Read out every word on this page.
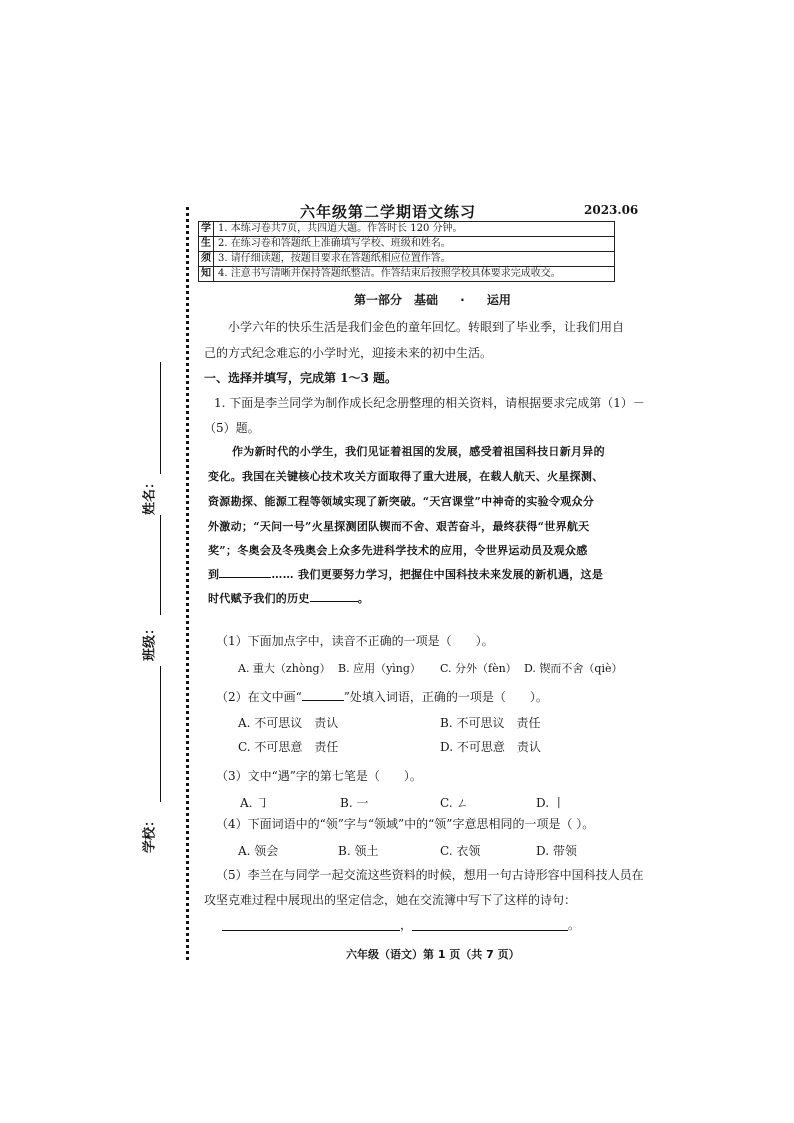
姓名：
班级：
学校：
六年级第二学期语文练习	2023.06
学	1. 本练习卷共7页，共四道大题。作答时长 120 分钟。
生	2. 在练习卷和答题纸上准确填写学校、班级和姓名。
须	3. 请仔细读题，按题目要求在答题纸相应位置作答。
知	4. 注意书写清晰并保持答题纸整洁。作答结束后按照学校具体要求完成收交。
第一部分　基础 · 运用
小学六年的快乐生活是我们金色的童年回忆。转眼到了毕业季，让我们用自
己的方式纪念难忘的小学时光，迎接未来的初中生活。
一、选择并填写，完成第 1～3 题。
1. 下面是李兰同学为制作成长纪念册整理的相关资料，请根据要求完成第（1）－
（5）题。
作为新时代的小学生，我们见证着祖国的发展，感受着祖国科技日新月异的
变化。我国在关键核心技术攻关方面取得了重大进展，在载人航天、火星探测、
资源勘探、能源工程等领域实现了新突破。“天宫课堂”中神奇的实验令观众分
外激动；“天问一号”火星探测团队锲而不舍、艰苦奋斗，最终获得“世界航天
奖”；冬奥会及冬残奥会上众多先进科学技术的应用，令世界运动员及观众感
到	…… 我们更要努力学习，把握住中国科技未来发展的新机遇，这是
时代赋予我们的历史	。
（1）下面加点字中，读音不正确的一项是（　　）。
A. 重大（zhòng） B. 应用（yìng） C. 分外（fèn） D. 锲而不舍（qiè）
（2）在文中画“	”处填入词语，正确的一项是（　　）。
A. 不可思议　责认	B. 不可思议　责任
C. 不可思意　责任	D. 不可思意　责认
（3）文中“遇”字的第七笔是（　　）。
A. ㇆	B. 一	C. ㄥ	D. 丨
（4）下面词语中的“领”字与“领域”中的“领”字意思相同的一项是（ ）。
A. 领会	B. 领土	C. 衣领	D. 带领
（5）李兰在与同学一起交流这些资料的时候，想用一句古诗形容中国科技人员在
攻坚克难过程中展现出的坚定信念，她在交流簿中写下了这样的诗句：
，	。
六年级（语文）第 1 页（共 7 页）
